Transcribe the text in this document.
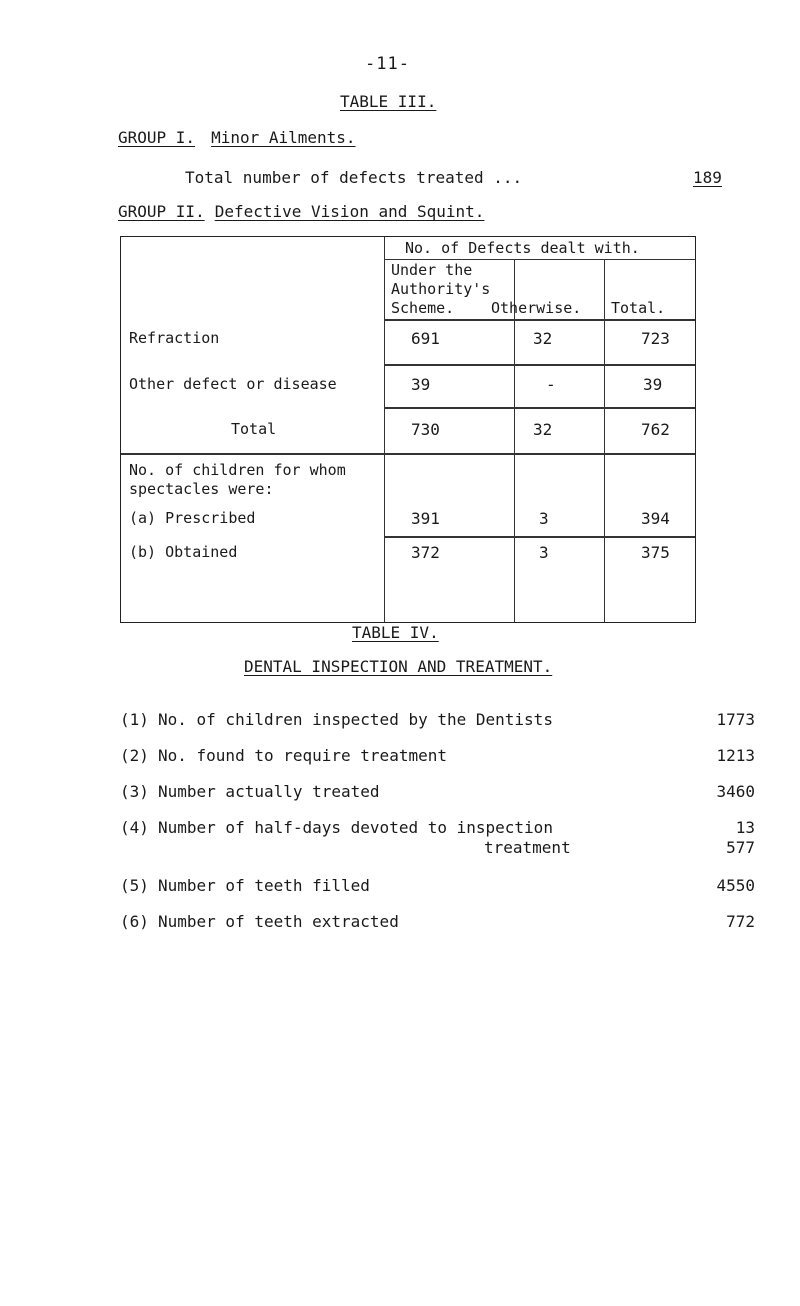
-11-
TABLE III.
GROUP I. Minor Ailments.
Total number of defects treated ...	189
GROUP II. Defective Vision and Squint.
No. of Defects dealt with.
Under the
Authority's
Scheme. Otherwise. Total.
Refraction	691	32	723
Other defect or disease	39	-	39
Total	730	32	762
No. of children for whom
spectacles were:
(a) Prescribed	391	3	394
(b) Obtained	372	3	375
TABLE IV.
DENTAL INSPECTION AND TREATMENT.
(1) No. of children inspected by the Dentists	1773
(2) No. found to require treatment	1213
(3) Number actually treated	3460
(4) Number of half-days devoted to inspection	13
treatment	577
(5) Number of teeth filled	4550
(6) Number of teeth extracted	772
